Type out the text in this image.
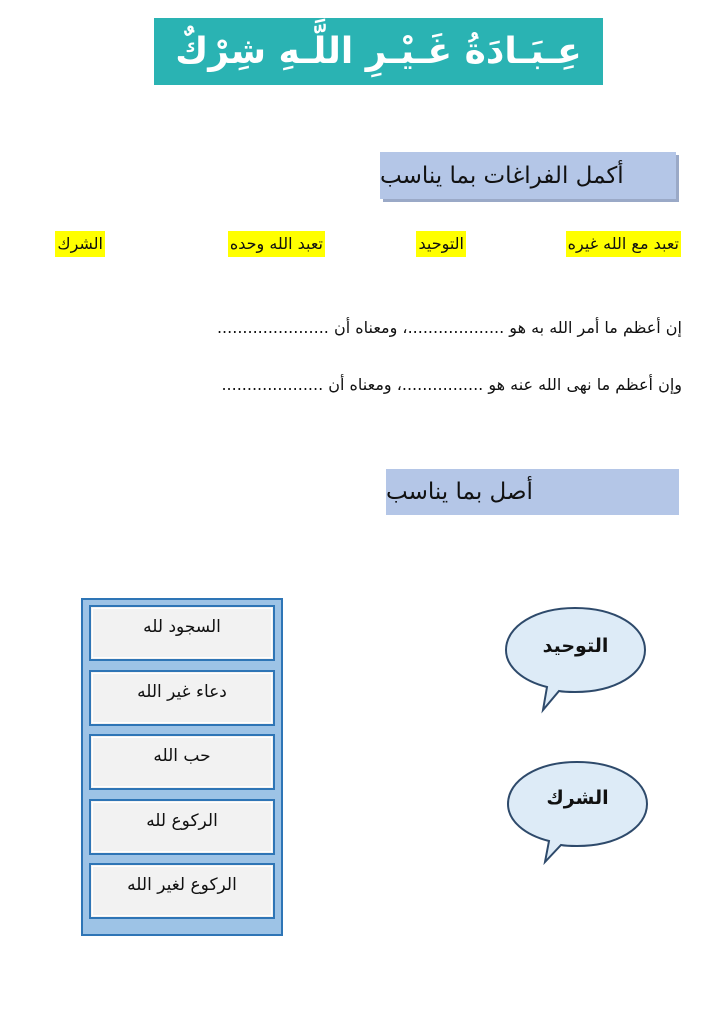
عِـبَـادَةُ غَـيْـرِ اللَّـهِ شِرْكٌ
أكمل الفراغات بما يناسب
تعبد مع الله غيره
التوحيد
تعبد الله وحده
الشرك
إن أعظم ما أمر الله به هو ...................، ومعناه أن ......................
وإن أعظم ما نهى الله عنه هو ................، ومعناه أن ....................
أصل بما يناسب
السجود لله
دعاء غير الله
حب الله
الركوع لله
الركوع لغير الله
التوحيد
الشرك
